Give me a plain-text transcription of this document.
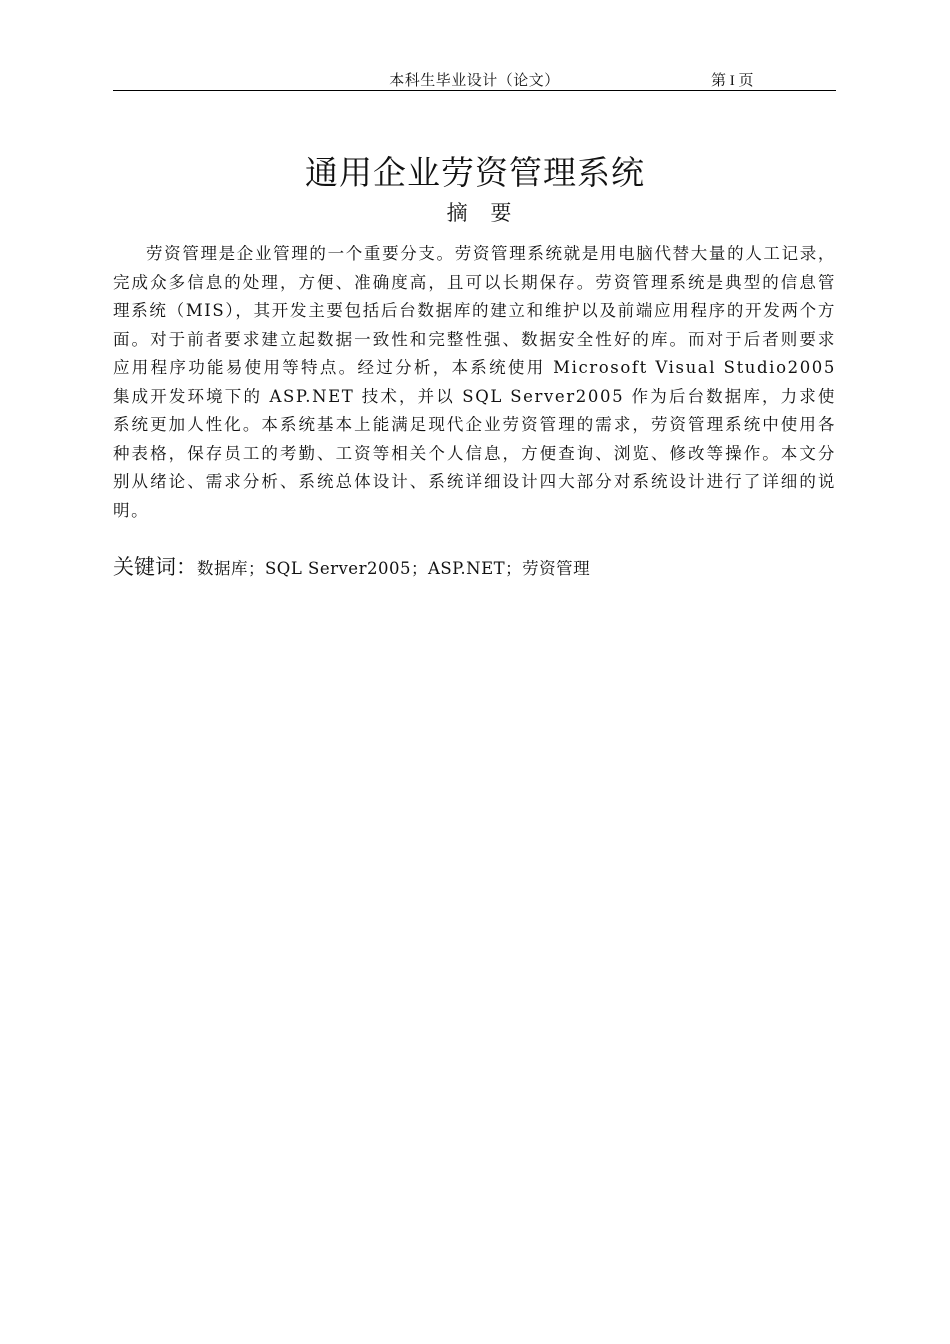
本科生毕业设计（论文）	第 I 页
通用企业劳资管理系统
摘 要

劳资管理是企业管理的一个重要分支。劳资管理系统就是用电脑代替大量的人工记录，完成众多信息的处理，方便、准确度高，且可以长期保存。劳资管理系统是典型的信息管理系统（MIS），其开发主要包括后台数据库的建立和维护以及前端应用程序的开发两个方面。对于前者要求建立起数据一致性和完整性强、数据安全性好的库。而对于后者则要求应用程序功能易使用等特点。经过分析，本系统使用 Microsoft Visual Studio2005 集成开发环境下的 ASP.NET 技术，并以 SQL Server2005 作为后台数据库，力求使系统更加人性化。本系统基本上能满足现代企业劳资管理的需求，劳资管理系统中使用各种表格，保存员工的考勤、工资等相关个人信息，方便查询、浏览、修改等操作。本文分别从绪论、需求分析、系统总体设计、系统详细设计四大部分对系统设计进行了详细的说明。

关键词：数据库；SQL Server2005；ASP.NET；劳资管理
